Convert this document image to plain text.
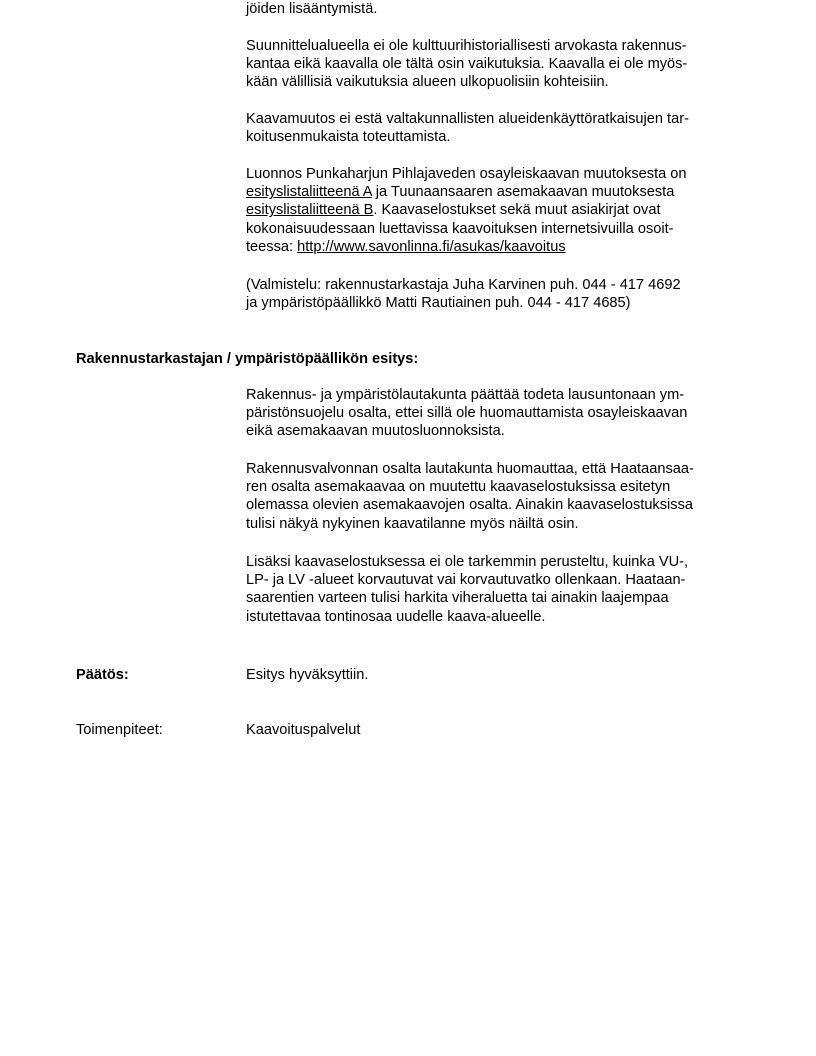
jöiden lisääntymistä.
Suunnittelualueella ei ole kulttuurihistoriallisesti arvokasta rakennus-
kantaa eikä kaavalla ole tältä osin vaikutuksia. Kaavalla ei ole myös-
kään välillisiä vaikutuksia alueen ulkopuolisiin kohteisiin.
Kaavamuutos ei estä valtakunnallisten alueidenkäyttöratkaisujen tar-
koitusenmukaista toteuttamista.
Luonnos Punkaharjun Pihlajaveden osayleiskaavan muutoksesta on
esityslistaliitteenä A ja Tuunaansaaren asemakaavan muutoksesta
esityslistaliitteenä B. Kaavaselostukset sekä muut asiakirjat ovat
kokonaisuudessaan luettavissa kaavoituksen internetsivuilla osoit-
teessa: http://www.savonlinna.fi/asukas/kaavoitus
(Valmistelu: rakennustarkastaja Juha Karvinen puh. 044 - 417 4692
ja ympäristöpäällikkö Matti Rautiainen puh. 044 - 417 4685)
Rakennustarkastajan / ympäristöpäällikön esitys:
Rakennus- ja ympäristölautakunta päättää todeta lausuntonaan ym-
päristönsuojelu osalta, ettei sillä ole huomauttamista osayleiskaavan
eikä asemakaavan muutosluonnoksista.
Rakennusvalvonnan osalta lautakunta huomauttaa, että Haataansaa-
ren osalta asemakaavaa on muutettu kaavaselostuksissa esitetyn
olemassa olevien asemakaavojen osalta. Ainakin kaavaselostuksissa
tulisi näkyä nykyinen kaavatilanne myös näiltä osin.
Lisäksi kaavaselostuksessa ei ole tarkemmin perusteltu, kuinka VU-,
LP- ja LV -alueet korvautuvat vai korvautuvatko ollenkaan. Haataan-
saarentien varteen tulisi harkita viheraluetta tai ainakin laajempaa
istutettavaa tontinosaa uudelle kaava-alueelle.
Päätös:	Esitys hyväksyttiin.
Toimenpiteet:	Kaavoituspalvelut
